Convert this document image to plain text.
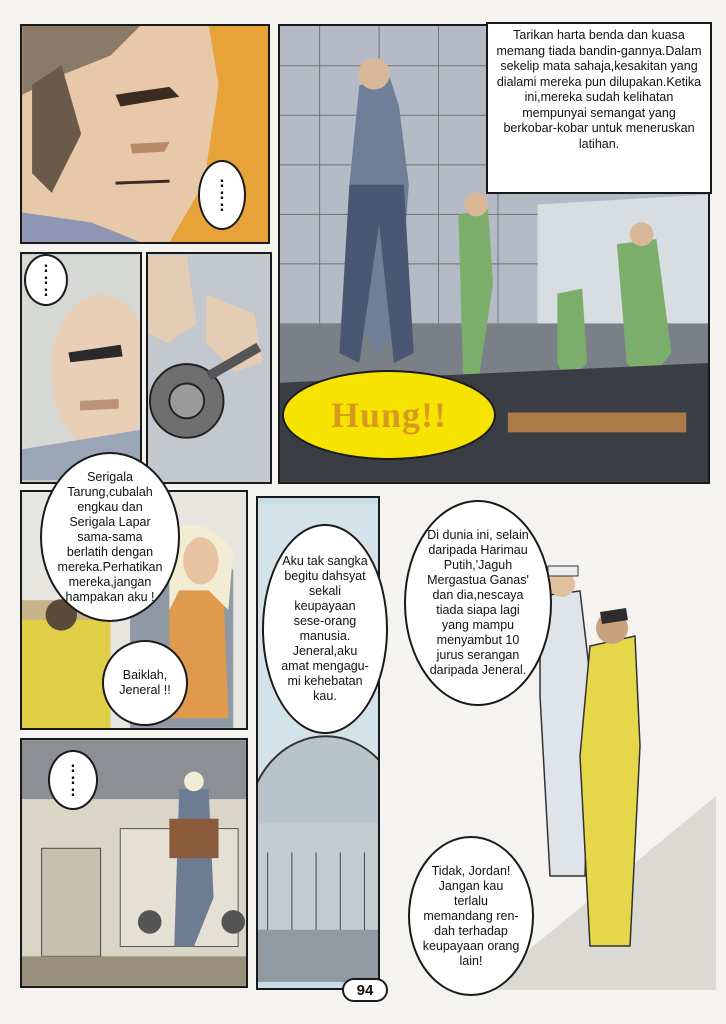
:
:
:
:
:
:
Tarikan harta benda dan kuasa memang tiada bandin-gannya.Dalam sekelip mata sahaja,kesakitan yang dialami mereka pun dilupakan.Ketika ini,mereka sudah kelihatan mempunyai semangat yang berkobar-kobar untuk meneruskan latihan.
Hung!!
Serigala Tarung,cubalah engkau dan Serigala Lapar sama-sama berlatih dengan mereka.Perhatikan mereka,jangan hampakan aku !
Baiklah, Jeneral !!
Aku tak sangka begitu dahsyat sekali keupayaan sese-orang manusia. Jeneral,aku amat mengagu-mi kehebatan kau.
Di dunia ini, selain daripada Harimau Putih,'Jaguh Mergastua Ganas' dan dia,nescaya tiada siapa lagi yang mampu menyambut 10 jurus serangan daripada Jeneral.
Tidak, Jordan! Jangan kau terlalu memandang ren-dah terhadap keupayaan orang lain!
:
:
:
94
